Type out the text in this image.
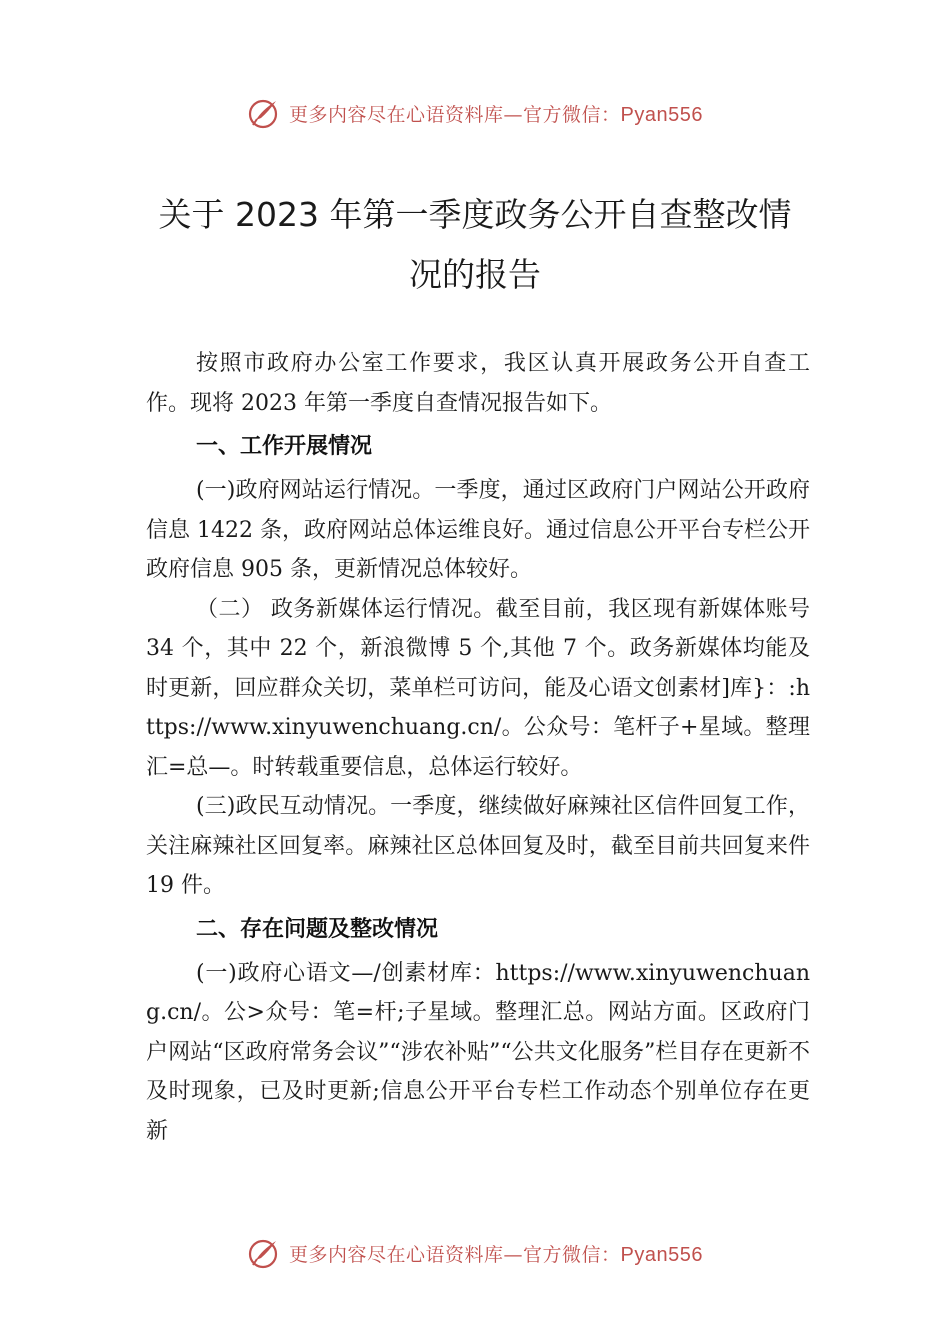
更多内容尽在心语资料库—官方微信：Pyan556
关于 2023 年第一季度政务公开自查整改情
况的报告

按照市政府办公室工作要求，我区认真开展政务公开自查工作。现将 2023 年第一季度自查情况报告如下。

一、工作开展情况

(一)政府网站运行情况。一季度，通过区政府门户网站公开政府信息 1422 条，政府网站总体运维良好。通过信息公开平台专栏公开政府信息 905 条，更新情况总体较好。

（二） 政务新媒体运行情况。截至目前，我区现有新媒体账号 34 个，其中 22 个，新浪微博 5 个,其他 7 个。政务新媒体均能及时更新，回应群众关切，菜单栏可访问，能及心语文创素材]库}：:https://www.xinyuwenchuang.cn/。公众号：笔杆子+星域。整理汇=总—。时转载重要信息，总体运行较好。

(三)政民互动情况。一季度，继续做好麻辣社区信件回复工作，关注麻辣社区回复率。麻辣社区总体回复及时，截至目前共回复来件 19 件。

二、存在问题及整改情况

(一)政府心语文—/创素材库：https://www.xinyuwenchuang.cn/。公>众号：笔=杆;子星域。整理汇总。网站方面。区政府门户网站“区政府常务会议”“涉农补贴”“公共文化服务”栏目存在更新不及时现象，已及时更新;信息公开平台专栏工作动态个别单位存在更新

更多内容尽在心语资料库—官方微信：Pyan556
